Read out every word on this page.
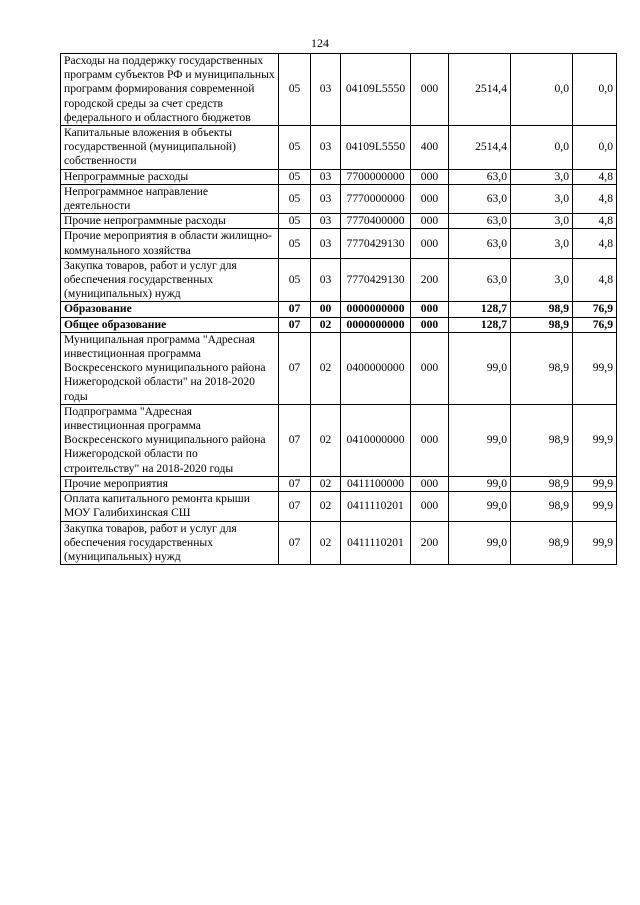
124
Расходы на поддержку государственных программ субъектов РФ и муниципальных программ формирования современной городской среды за счет средств федерального и областного бюджетов	05	03	04109L5550	000	2514,4	0,0	0,0
Капитальные вложения в объекты государственной (муниципальной) собственности	05	03	04109L5550	400	2514,4	0,0	0,0
Непрограммные расходы	05	03	7700000000	000	63,0	3,0	4,8
Непрограммное направление деятельности	05	03	7770000000	000	63,0	3,0	4,8
Прочие непрограммные расходы	05	03	7770400000	000	63,0	3,0	4,8
Прочие мероприятия в области жилищно-коммунального хозяйства	05	03	7770429130	000	63,0	3,0	4,8
Закупка товаров, работ и услуг для обеспечения государственных (муниципальных) нужд	05	03	7770429130	200	63,0	3,0	4,8
Образование	07	00	0000000000	000	128,7	98,9	76,9
Общее образование	07	02	0000000000	000	128,7	98,9	76,9
Муниципальная программа "Адресная инвестиционная программа Воскресенского муниципального района Нижегородской области" на 2018-2020 годы	07	02	0400000000	000	99,0	98,9	99,9
Подпрограмма "Адресная инвестиционная программа Воскресенского муниципального района Нижегородской области по строительству" на 2018-2020 годы	07	02	0410000000	000	99,0	98,9	99,9
Прочие мероприятия	07	02	0411100000	000	99,0	98,9	99,9
Оплата капитального ремонта крыши МОУ Галибихинская СШ	07	02	0411110201	000	99,0	98,9	99,9
Закупка товаров, работ и услуг для обеспечения государственных (муниципальных) нужд	07	02	0411110201	200	99,0	98,9	99,9
